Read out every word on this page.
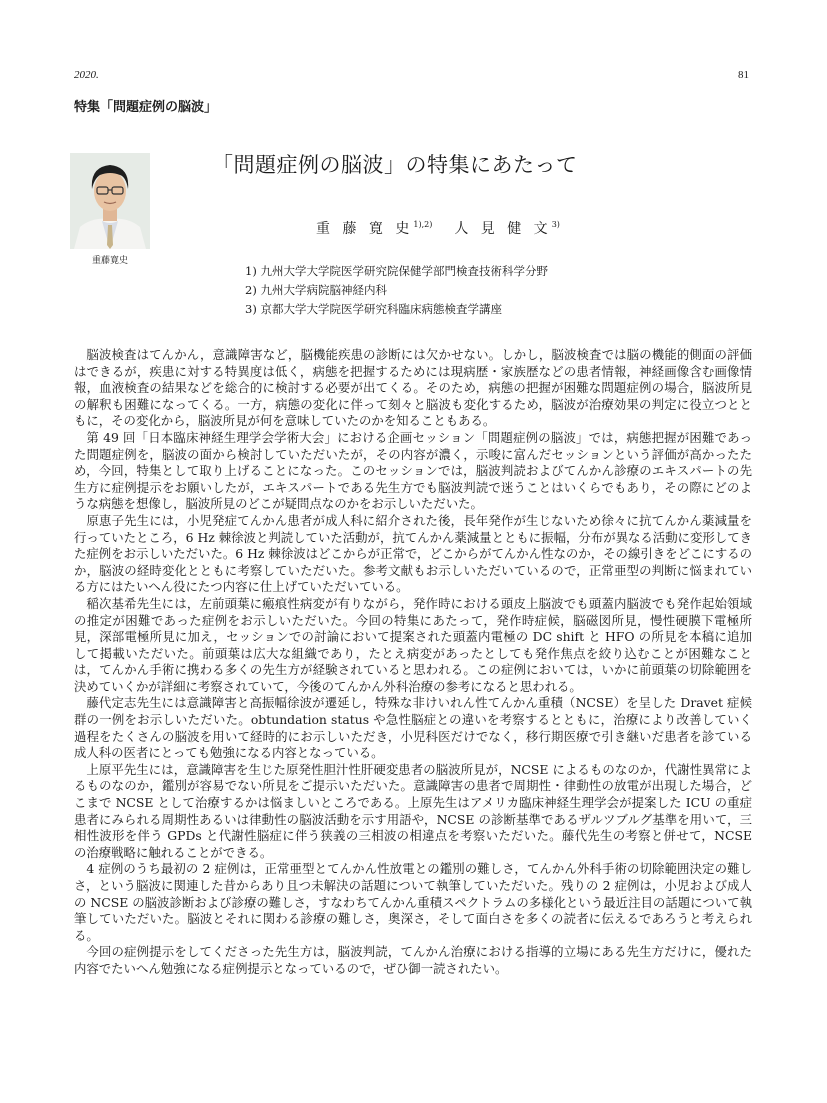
2020.	81
特集「問題症例の脳波」
重藤寛史
「問題症例の脳波」の特集にあたって
重 藤 寛 史$^{1),2)}$ 人 見 健 文$^{3)}$
1) 九州大学大学院医学研究院保健学部門検査技術科学分野
2) 九州大学病院脳神経内科
3) 京都大学大学院医学研究科臨床病態検査学講座

脳波検査はてんかん，意識障害など，脳機能疾患の診断には欠かせない。しかし，脳波検査では脳の機能的側面の評価はできるが，疾患に対する特異度は低く，病態を把握するためには現病歴・家族歴などの患者情報，神経画像含む画像情報，血液検査の結果などを総合的に検討する必要が出てくる。そのため，病態の把握が困難な問題症例の場合，脳波所見の解釈も困難になってくる。一方，病態の変化に伴って刻々と脳波も変化するため，脳波が治療効果の判定に役立つとともに，その変化から，脳波所見が何を意味していたのかを知ることもある。

第 49 回「日本臨床神経生理学会学術大会」における企画セッション「問題症例の脳波」では，病態把握が困難であった問題症例を，脳波の面から検討していただいたが，その内容が濃く，示唆に富んだセッションという評価が高かったため，今回，特集として取り上げることになった。このセッションでは，脳波判読およびてんかん診療のエキスパートの先生方に症例提示をお願いしたが，エキスパートである先生方でも脳波判読で迷うことはいくらでもあり，その際にどのような病態を想像し，脳波所見のどこが疑問点なのかをお示しいただいた。

原恵子先生には，小児発症てんかん患者が成人科に紹介された後，長年発作が生じないため徐々に抗てんかん薬減量を行っていたところ，6 Hz 棘徐波と判読していた活動が，抗てんかん薬減量とともに振幅，分布が異なる活動に変形してきた症例をお示しいただいた。6 Hz 棘徐波はどこからが正常で，どこからがてんかん性なのか，その線引きをどこにするのか，脳波の経時変化とともに考察していただいた。参考文献もお示しいただいているので，正常亜型の判断に悩まれている方にはたいへん役にたつ内容に仕上げていただいている。

稲次基希先生には，左前頭葉に瘢痕性病変が有りながら，発作時における頭皮上脳波でも頭蓋内脳波でも発作起始領域の推定が困難であった症例をお示しいただいた。今回の特集にあたって，発作時症候，脳磁図所見，慢性硬膜下電極所見，深部電極所見に加え，セッションでの討論において提案された頭蓋内電極の DC shift と HFO の所見を本稿に追加して掲載いただいた。前頭葉は広大な組織であり，たとえ病変があったとしても発作焦点を絞り込むことが困難なことは，てんかん手術に携わる多くの先生方が経験されていると思われる。この症例においては，いかに前頭葉の切除範囲を決めていくかが詳細に考察されていて，今後のてんかん外科治療の参考になると思われる。

藤代定志先生には意識障害と高振幅徐波が遷延し，特殊な非けいれん性てんかん重積（NCSE）を呈した Dravet 症候群の一例をお示しいただいた。obtundation status や急性脳症との違いを考察するとともに，治療により改善していく過程をたくさんの脳波を用いて経時的にお示しいただき，小児科医だけでなく，移行期医療で引き継いだ患者を診ている成人科の医者にとっても勉強になる内容となっている。

上原平先生には，意識障害を生じた原発性胆汁性肝硬変患者の脳波所見が，NCSE によるものなのか，代謝性異常によるものなのか，鑑別が容易でない所見をご提示いただいた。意識障害の患者で周期性・律動性の放電が出現した場合，どこまで NCSE として治療するかは悩ましいところである。上原先生はアメリカ臨床神経生理学会が提案した ICU の重症患者にみられる周期性あるいは律動性の脳波活動を示す用語や，NCSE の診断基準であるザルツブルグ基準を用いて，三相性波形を伴う GPDs と代謝性脳症に伴う狭義の三相波の相違点を考察いただいた。藤代先生の考察と併せて，NCSE の治療戦略に触れることができる。

4 症例のうち最初の 2 症例は，正常亜型とてんかん性放電との鑑別の難しさ，てんかん外科手術の切除範囲決定の難しさ，という脳波に関連した昔からあり且つ未解決の話題について執筆していただいた。残りの 2 症例は，小児および成人の NCSE の脳波診断および診療の難しさ，すなわちてんかん重積スペクトラムの多様化という最近注目の話題について執筆していただいた。脳波とそれに関わる診療の難しさ，奥深さ，そして面白さを多くの読者に伝えるであろうと考えられる。

今回の症例提示をしてくださった先生方は，脳波判読，てんかん治療における指導的立場にある先生方だけに，優れた内容でたいへん勉強になる症例提示となっているので，ぜひ御一読されたい。
